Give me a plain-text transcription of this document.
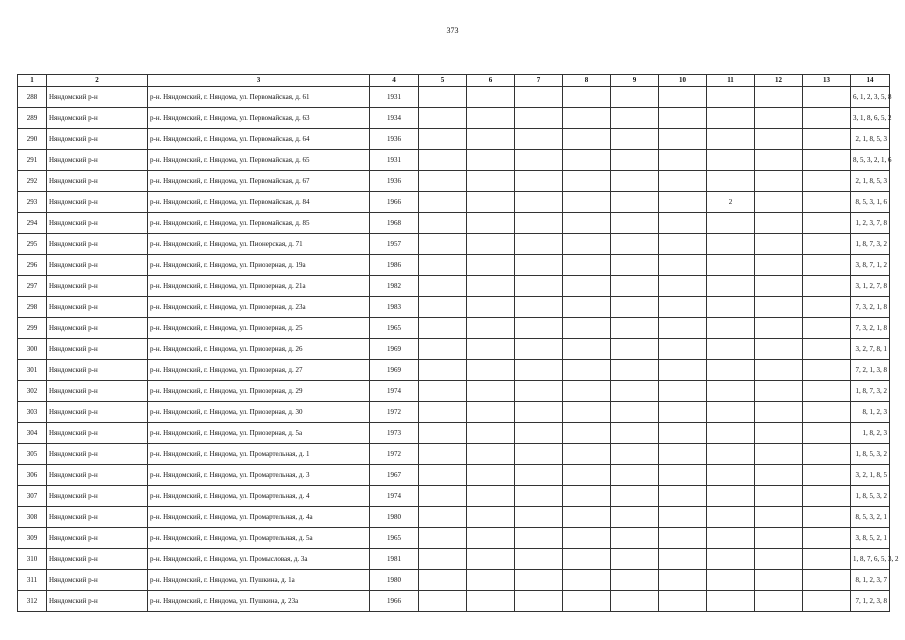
373
1	2	3	4	5	6	7	8	9	10	11	12	13	14
288	Няндомский р-н	р-н. Няндомский, г. Няндома, ул. Первомайская, д. 61	1931										6, 1, 2, 3, 5, 8
289	Няндомский р-н	р-н. Няндомский, г. Няндома, ул. Первомайская, д. 63	1934										3, 1, 8, 6, 5, 2
290	Няндомский р-н	р-н. Няндомский, г. Няндома, ул. Первомайская, д. 64	1936										2, 1, 8, 5, 3
291	Няндомский р-н	р-н. Няндомский, г. Няндома, ул. Первомайская, д. 65	1931										8, 5, 3, 2, 1, 6
292	Няндомский р-н	р-н. Няндомский, г. Няндома, ул. Первомайская, д. 67	1936										2, 1, 8, 5, 3
293	Няндомский р-н	р-н. Няндомский, г. Няндома, ул. Первомайская, д. 84	1966							2			8, 5, 3, 1, 6
294	Няндомский р-н	р-н. Няндомский, г. Няндома, ул. Первомайская, д. 85	1968										1, 2, 3, 7, 8
295	Няндомский р-н	р-н. Няндомский, г. Няндома, ул. Пионерская, д. 71	1957										1, 8, 7, 3, 2
296	Няндомский р-н	р-н. Няндомский, г. Няндома, ул. Приозерная, д. 19а	1986										3, 8, 7, 1, 2
297	Няндомский р-н	р-н. Няндомский, г. Няндома, ул. Приозерная, д. 21а	1982										3, 1, 2, 7, 8
298	Няндомский р-н	р-н. Няндомский, г. Няндома, ул. Приозерная, д. 23а	1983										7, 3, 2, 1, 8
299	Няндомский р-н	р-н. Няндомский, г. Няндома, ул. Приозерная, д. 25	1965										7, 3, 2, 1, 8
300	Няндомский р-н	р-н. Няндомский, г. Няндома, ул. Приозерная, д. 26	1969										3, 2, 7, 8, 1
301	Няндомский р-н	р-н. Няндомский, г. Няндома, ул. Приозерная, д. 27	1969										7, 2, 1, 3, 8
302	Няндомский р-н	р-н. Няндомский, г. Няндома, ул. Приозерная, д. 29	1974										1, 8, 7, 3, 2
303	Няндомский р-н	р-н. Няндомский, г. Няндома, ул. Приозерная, д. 30	1972										8, 1, 2, 3
304	Няндомский р-н	р-н. Няндомский, г. Няндома, ул. Приозерная, д. 5а	1973										1, 8, 2, 3
305	Няндомский р-н	р-н. Няндомский, г. Няндома, ул. Промартельная, д. 1	1972										1, 8, 5, 3, 2
306	Няндомский р-н	р-н. Няндомский, г. Няндома, ул. Промартельная, д. 3	1967										3, 2, 1, 8, 5
307	Няндомский р-н	р-н. Няндомский, г. Няндома, ул. Промартельная, д. 4	1974										1, 8, 5, 3, 2
308	Няндомский р-н	р-н. Няндомский, г. Няндома, ул. Промартельная, д. 4а	1980										8, 5, 3, 2, 1
309	Няндомский р-н	р-н. Няндомский, г. Няндома, ул. Промартельная, д. 5а	1965										3, 8, 5, 2, 1
310	Няндомский р-н	р-н. Няндомский, г. Няндома, ул. Промысловая, д. 3а	1981										1, 8, 7, 6, 5, 3, 2
311	Няндомский р-н	р-н. Няндомский, г. Няндома, ул. Пушкина, д. 1а	1980										8, 1, 2, 3, 7
312	Няндомский р-н	р-н. Няндомский, г. Няндома, ул. Пушкина, д. 23а	1966										7, 1, 2, 3, 8
